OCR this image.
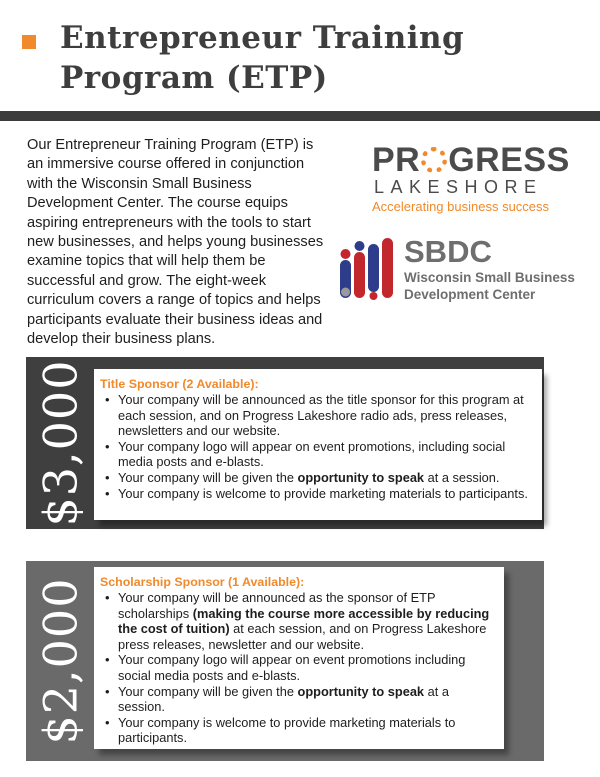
Entrepreneur Training Program (ETP)

Our Entrepreneur Training Program (ETP) is an immersive course offered in conjunction with the Wisconsin Small Business Development Center. The course equips aspiring entrepreneurs with the tools to start new businesses, and helps young businesses examine topics that will help them be successful and grow. The eight-week curriculum covers a range of topics and helps participants evaluate their business ideas and develop their business plans.

PR GRESS
LAKESHORE
Accelerating business success
SBDC
Wisconsin Small Business
Development Center
$3,000	Title Sponsor (2 Available):
• Your company will be announced as the title sponsor for this program at each session, and on Progress Lakeshore radio ads, press releases, newsletters and our website.
• Your company logo will appear on event promotions, including social media posts and e-blasts.
• Your company will be given the opportunity to speak at a session.
• Your company is welcome to provide marketing materials to participants.
$2,000	Scholarship Sponsor (1 Available):
• Your company will be announced as the sponsor of ETP scholarships (making the course more accessible by reducing the cost of tuition) at each session, and on Progress Lakeshore press releases, newsletter and our website.
• Your company logo will appear on event promotions including social media posts and e-blasts.
• Your company will be given the opportunity to speak at a session.
• Your company is welcome to provide marketing materials to participants.
